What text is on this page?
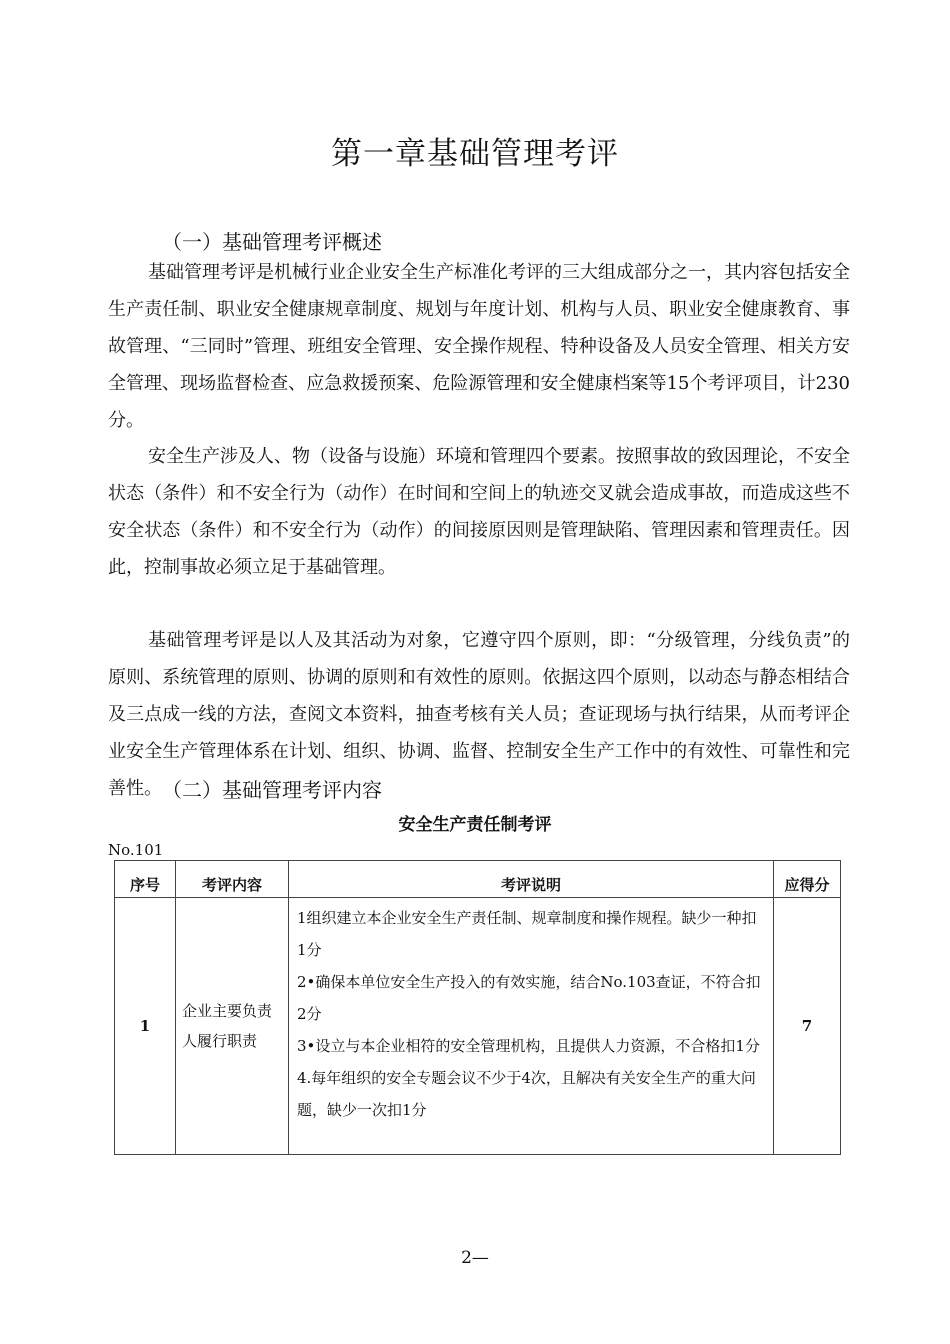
第一章基础管理考评
（一）基础管理考评概述

基础管理考评是机械行业企业安全生产标准化考评的三大组成部分之一，其内容包括安全生产责任制、职业安全健康规章制度、规划与年度计划、机构与人员、职业安全健康教育、事故管理、“三同时”管理、班组安全管理、安全操作规程、特种设备及人员安全管理、相关方安全管理、现场监督检查、应急救援预案、危险源管理和安全健康档案等15个考评项目，计230分。

安全生产涉及人、物（设备与设施）环境和管理四个要素。按照事故的致因理论，不安全状态（条件）和不安全行为（动作）在时间和空间上的轨迹交叉就会造成事故，而造成这些不安全状态（条件）和不安全行为（动作）的间接原因则是管理缺陷、管理因素和管理责任。因此，控制事故必须立足于基础管理。

基础管理考评是以人及其活动为对象，它遵守四个原则，即：“分级管理，分线负责”的原则、系统管理的原则、协调的原则和有效性的原则。依据这四个原则，以动态与静态相结合及三点成一线的方法，查阅文本资料，抽查考核有关人员；查证现场与执行结果，从而考评企业安全生产管理体系在计划、组织、协调、监督、控制安全生产工作中的有效性、可靠性和完善性。 （二）基础管理考评内容
安全生产责任制考评
No.101
序号	考评内容	考评说明	应得分
1	企业主要负责人履行职责	1组织建立本企业安全生产责任制、规章制度和操作规程。缺少一种扣1分
2•确保本单位安全生产投入的有效实施，结合No.103查证，不符合扣2分
3•设立与本企业相符的安全管理机构，且提供人力资源，不合格扣1分
4.每年组织的安全专题会议不少于4次，且解决有关安全生产的重大问题，缺少一次扣1分	7
2—
